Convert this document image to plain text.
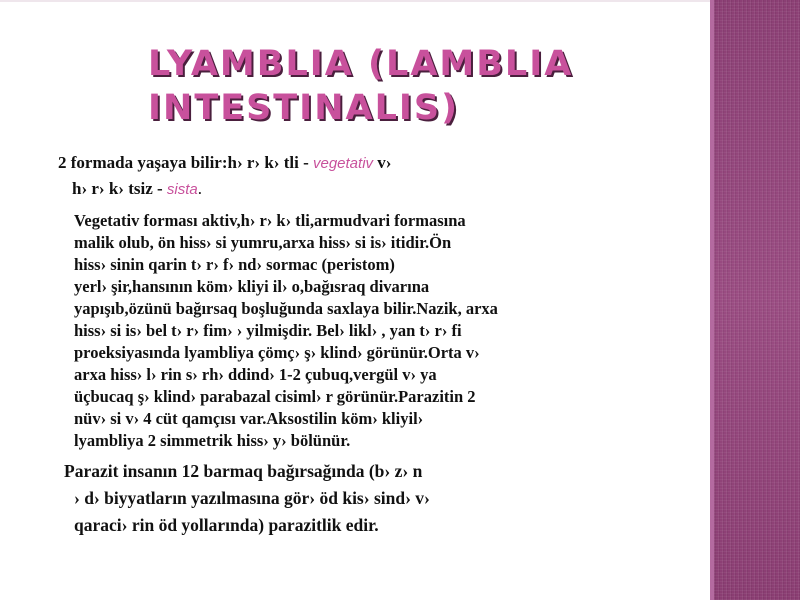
LYAMBLIA (LAMBLIA
INTESTINALIS)

2 formada yaşaya bilir:h› r› k› tli - vegetativ v›
h› r› k› tsiz - sista.

Vegetativ forması aktiv,h› r› k› tli,armudvari formasına
malik olub, ön hiss› si yumru,arxa hiss› si is› itidir.Ön
hiss› sinin qarin t› r› f› nd› sormac (peristom)
yerl› şir,hansının köm› kliyi il› o,bağısraq divarına
yapışıb,özünü bağırsaq boşluğunda saxlaya bilir.Nazik, arxa
hiss› si is› bel t› r› fim› › yilmişdir. Bel› likl› , yan t› r› fi
proeksiyasında lyambliya çömç› ş› klind› görünür.Orta v›
arxa hiss› l› rin s› rh› ddind› 1-2 çubuq,vergül v› ya
üçbucaq ş› klind› parabazal cisiml› r görünür.Parazitin 2
nüv› si v› 4 cüt qamçısı var.Aksostilin köm› kliyil›
lyambliya 2 simmetrik hiss› y› bölünür.

Parazit insanın 12 barmaq bağırsağında (b› z› n
› d› biyyatların yazılmasına gör› öd kis› sind› v›
qaraci› rin öd yollarında) parazitlik edir.
